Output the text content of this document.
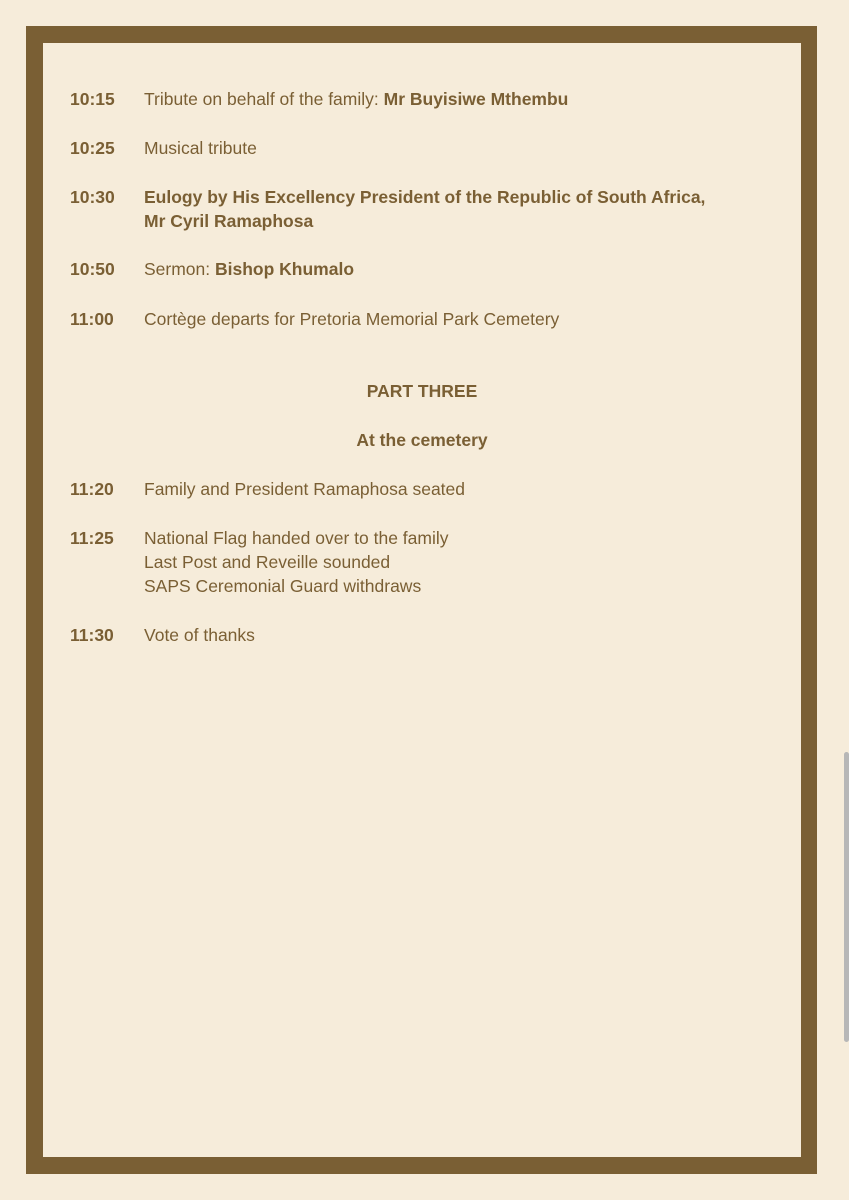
10:15	Tribute on behalf of the family: Mr Buyisiwe Mthembu
10:25	Musical tribute
10:30	Eulogy by His Excellency President of the Republic of South Africa,
Mr Cyril Ramaphosa
10:50	Sermon: Bishop Khumalo
11:00	Cortège departs for Pretoria Memorial Park Cemetery
PART THREE
At the cemetery
11:20	Family and President Ramaphosa seated
11:25	National Flag handed over to the family
Last Post and Reveille sounded
SAPS Ceremonial Guard withdraws
11:30	Vote of thanks
